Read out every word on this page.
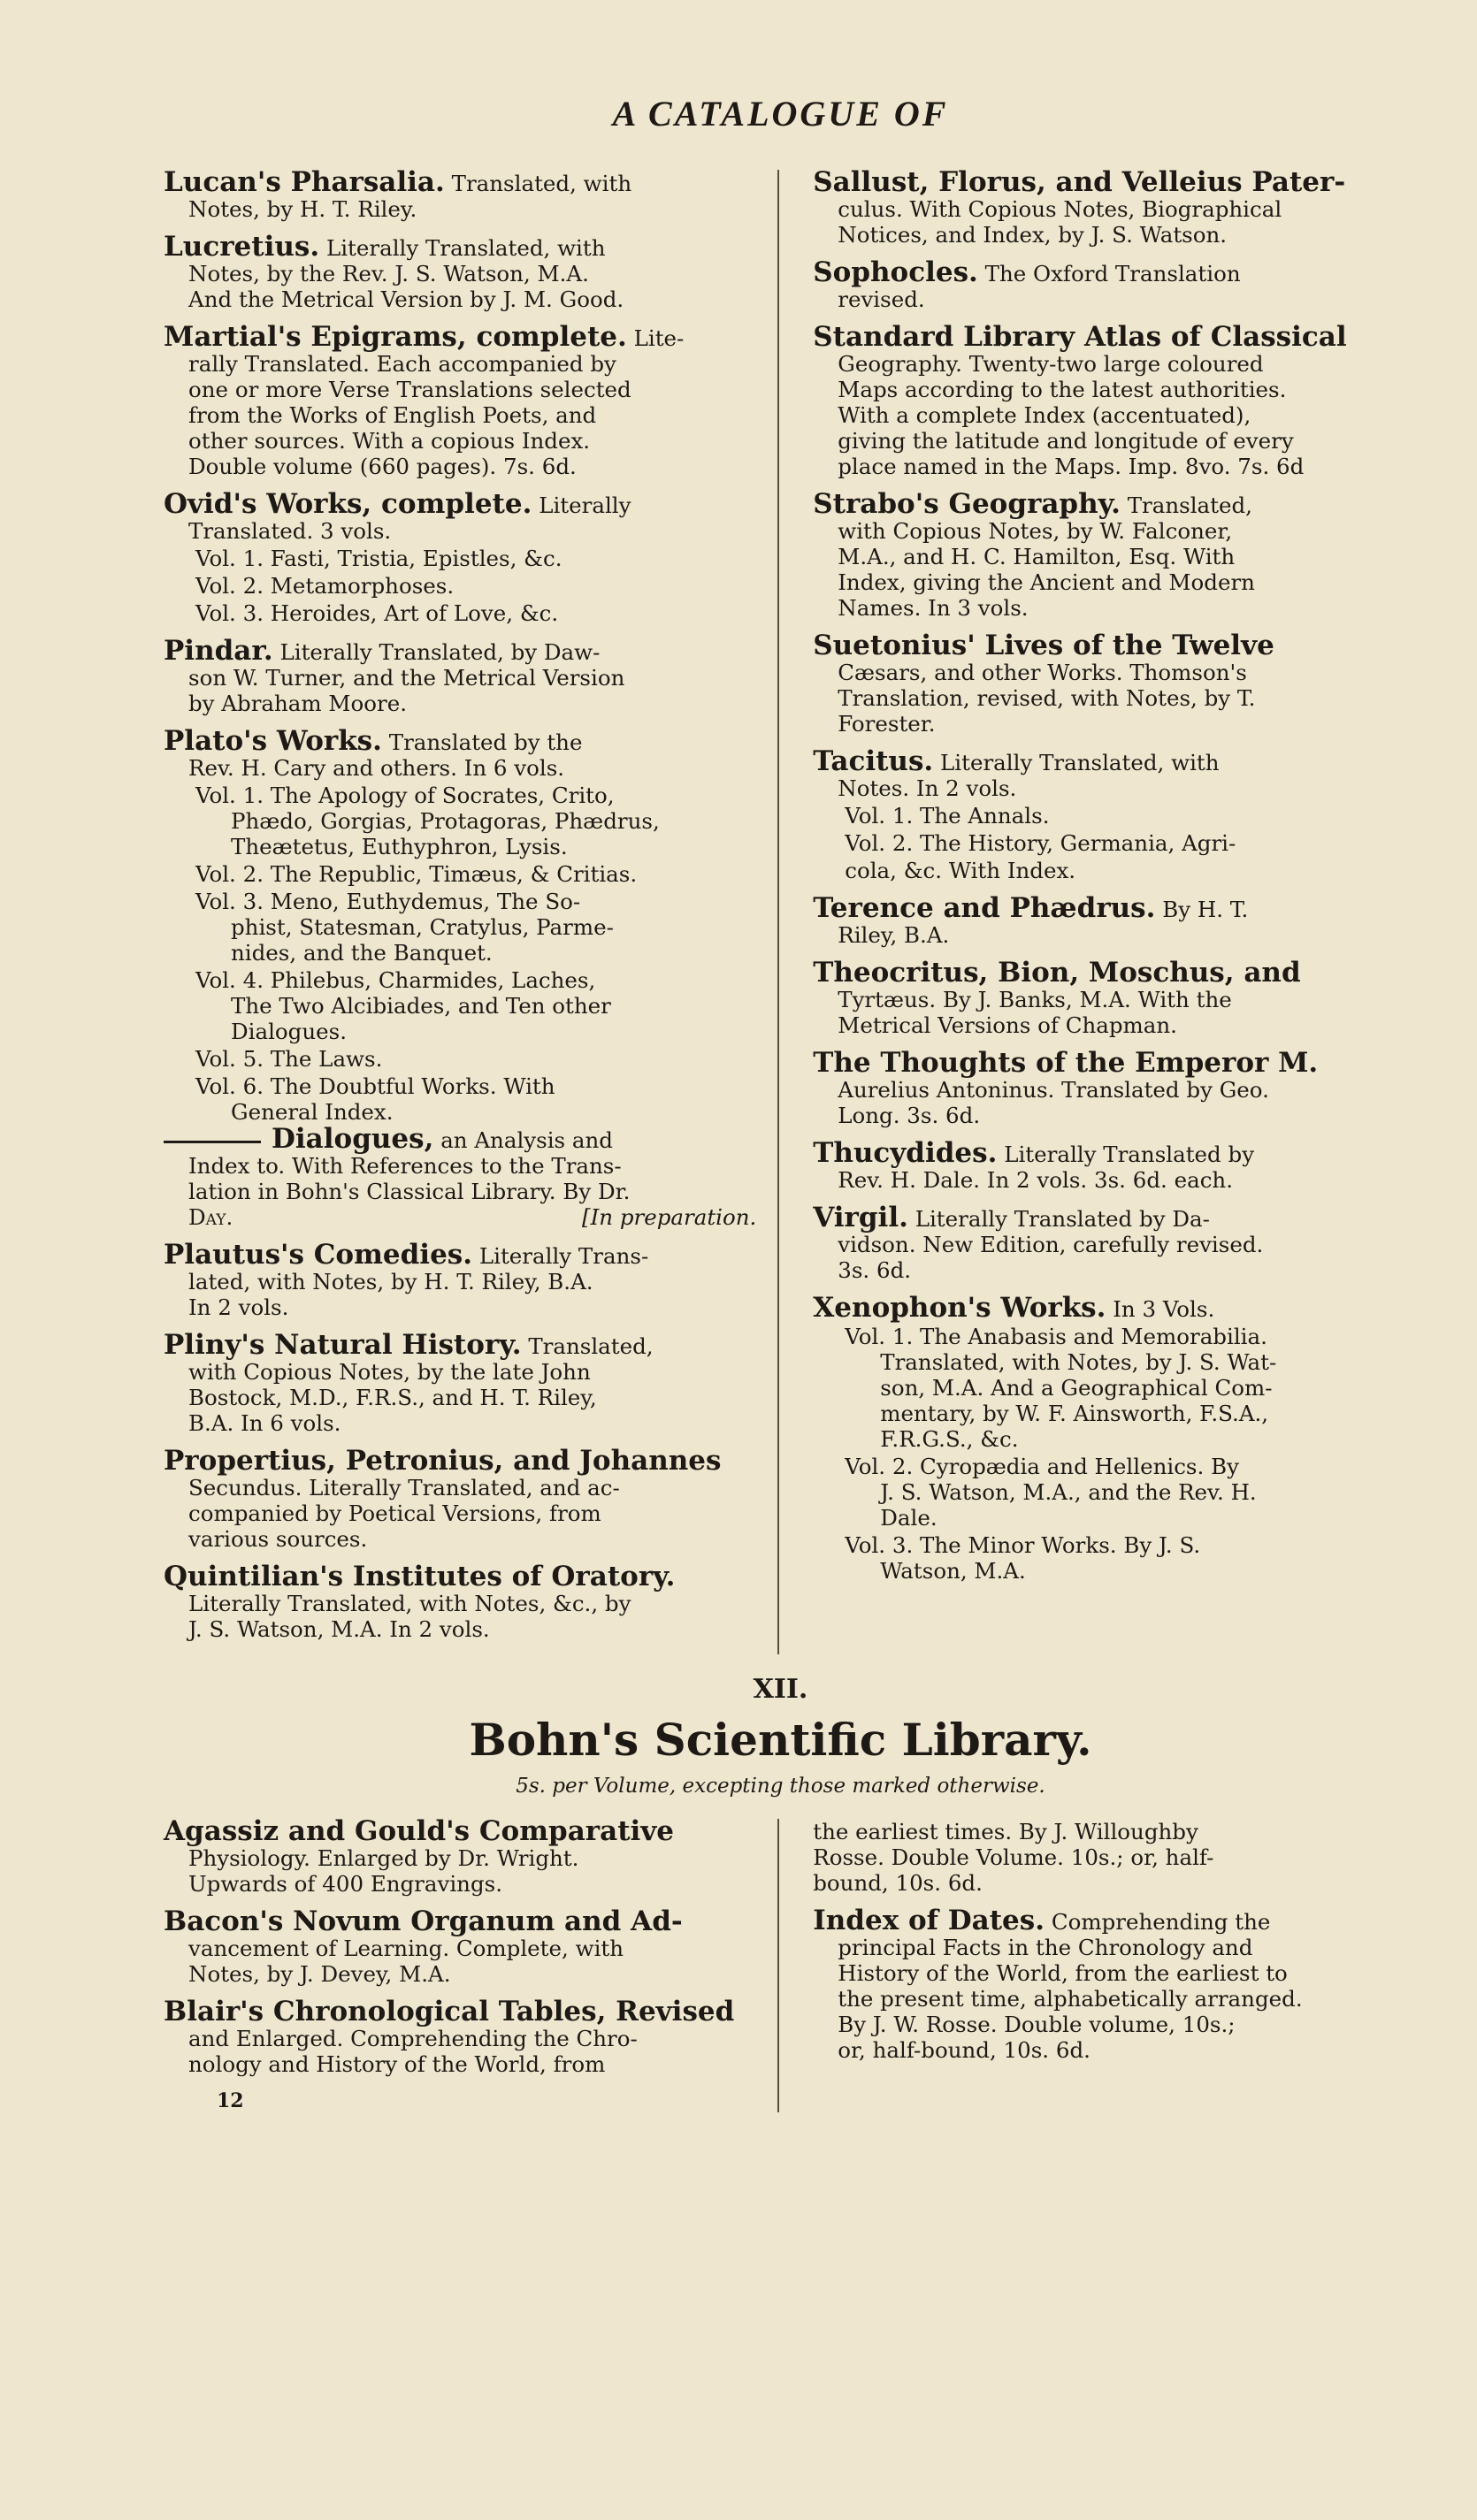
A CATALOGUE OF
Lucan's Pharsalia. Translated, with
Notes, by H. T. Riley.
Lucretius. Literally Translated, with
Notes, by the Rev. J. S. Watson, M.A.
And the Metrical Version by J. M. Good.
Martial's Epigrams, complete. Lite-
rally Translated. Each accompanied by
one or more Verse Translations selected
from the Works of English Poets, and
other sources. With a copious Index.
Double volume (660 pages). 7s. 6d.
Ovid's Works, complete. Literally
Translated. 3 vols.
Vol. 1. Fasti, Tristia, Epistles, &c.
Vol. 2. Metamorphoses.
Vol. 3. Heroides, Art of Love, &c.
Pindar. Literally Translated, by Daw-
son W. Turner, and the Metrical Version
by Abraham Moore.
Plato's Works. Translated by the
Rev. H. Cary and others. In 6 vols.
Vol. 1. The Apology of Socrates, Crito,
Phædo, Gorgias, Protagoras, Phædrus,
Theætetus, Euthyphron, Lysis.
Vol. 2. The Republic, Timæus, & Critias.
Vol. 3. Meno, Euthydemus, The So-
phist, Statesman, Cratylus, Parme-
nides, and the Banquet.
Vol. 4. Philebus, Charmides, Laches,
The Two Alcibiades, and Ten other
Dialogues.
Vol. 5. The Laws.
Vol. 6. The Doubtful Works. With
General Index.
Dialogues, an Analysis and
Index to. With References to the Trans-
lation in Bohn's Classical Library. By Dr.
Day.	[In preparation.
Plautus's Comedies. Literally Trans-
lated, with Notes, by H. T. Riley, B.A.
In 2 vols.
Pliny's Natural History. Translated,
with Copious Notes, by the late John
Bostock, M.D., F.R.S., and H. T. Riley,
B.A. In 6 vols.
Propertius, Petronius, and Johannes
Secundus. Literally Translated, and ac-
companied by Poetical Versions, from
various sources.
Quintilian's Institutes of Oratory.
Literally Translated, with Notes, &c., by
J. S. Watson, M.A. In 2 vols.
Sallust, Florus, and Velleius Pater-
culus. With Copious Notes, Biographical
Notices, and Index, by J. S. Watson.
Sophocles. The Oxford Translation
revised.
Standard Library Atlas of Classical
Geography. Twenty-two large coloured
Maps according to the latest authorities.
With a complete Index (accentuated),
giving the latitude and longitude of every
place named in the Maps. Imp. 8vo. 7s. 6d
Strabo's Geography. Translated,
with Copious Notes, by W. Falconer,
M.A., and H. C. Hamilton, Esq. With
Index, giving the Ancient and Modern
Names. In 3 vols.
Suetonius' Lives of the Twelve
Cæsars, and other Works. Thomson's
Translation, revised, with Notes, by T.
Forester.
Tacitus. Literally Translated, with
Notes. In 2 vols.
Vol. 1. The Annals.
Vol. 2. The History, Germania, Agri-
cola, &c. With Index.
Terence and Phædrus. By H. T.
Riley, B.A.
Theocritus, Bion, Moschus, and
Tyrtæus. By J. Banks, M.A. With the
Metrical Versions of Chapman.
The Thoughts of the Emperor M.
Aurelius Antoninus. Translated by Geo.
Long. 3s. 6d.
Thucydides. Literally Translated by
Rev. H. Dale. In 2 vols. 3s. 6d. each.
Virgil. Literally Translated by Da-
vidson. New Edition, carefully revised.
3s. 6d.
Xenophon's Works. In 3 Vols.
Vol. 1. The Anabasis and Memorabilia.
Translated, with Notes, by J. S. Wat-
son, M.A. And a Geographical Com-
mentary, by W. F. Ainsworth, F.S.A.,
F.R.G.S., &c.
Vol. 2. Cyropædia and Hellenics. By
J. S. Watson, M.A., and the Rev. H.
Dale.
Vol. 3. The Minor Works. By J. S.
Watson, M.A.
XII.
Bohn's Scientific Library.
5s. per Volume, excepting those marked otherwise.
Agassiz and Gould's Comparative
Physiology. Enlarged by Dr. Wright.
Upwards of 400 Engravings.
Bacon's Novum Organum and Ad-
vancement of Learning. Complete, with
Notes, by J. Devey, M.A.
Blair's Chronological Tables, Revised
and Enlarged. Comprehending the Chro-
nology and History of the World, from
12
the earliest times. By J. Willoughby
Rosse. Double Volume. 10s.; or, half-
bound, 10s. 6d.
Index of Dates. Comprehending the
principal Facts in the Chronology and
History of the World, from the earliest to
the present time, alphabetically arranged.
By J. W. Rosse. Double volume, 10s.;
or, half-bound, 10s. 6d.
